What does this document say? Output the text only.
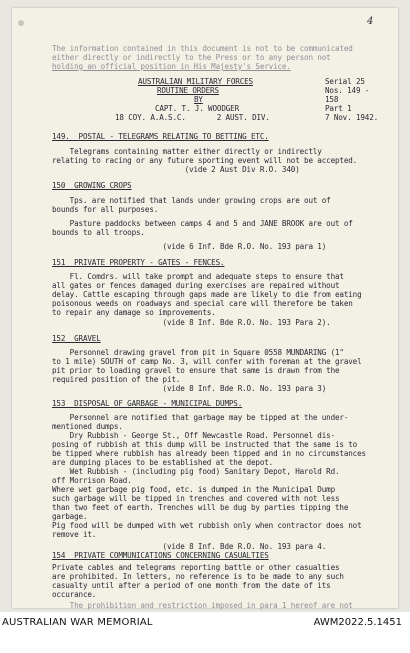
4
The information contained in this document is not to be communicated
either directly or indirectly to the Press or to any person not
holding an official position in His Majesty's Service.
AUSTRALIAN MILITARY FORCES
ROUTINE ORDERS
BY
CAPT. T. J. WOODGER
18 COY. A.A.S.C.       2 AUST. DIV.
Serial 25
Nos. 149 -
158
Part 1
7 Nov. 1942.
149.  POSTAL - TELEGRAMS RELATING TO BETTING ETC.
Telegrams containing matter either directly or indirectly
relating to racing or any future sporting event will not be accepted.
(vide 2 Aust Div R.O. 340)
150  GROWING CROPS
Tps. are notified that lands under growing crops are out of
bounds for all purposes.
Pasture paddocks between camps 4 and 5 and JANE BROOK are out of
bounds to all troops.
(vide 6 Inf. Bde R.O. No. 193 para 1)
151  PRIVATE PROPERTY - GATES - FENCES.
Fl. Comdrs. will take prompt and adequate steps to ensure that
all gates or fences damaged during exercises are repaired without
delay. Cattle escaping through gaps made are likely to die from eating
poisonous weeds on roadways and special care will therefore be taken
to repair any damage so improvements.
(vide 8 Inf. Bde R.O. No. 193 Para 2).
152  GRAVEL
Personnel drawing gravel from pit in Square 0558 MUNDARING (1"
to 1 mile) SOUTH of camp No. 3, will confer with foreman at the gravel
pit prior to loading gravel to ensure that same is drawn from the
required position of the pit.
(vide 8 Inf. Bde R.O. No. 193 para 3)
153  DISPOSAL OF GARBAGE - MUNICIPAL DUMPS.
Personnel are notified that garbage may be tipped at the under-
mentioned dumps.
Dry Rubbish - George St., Off Newcastle Road. Personnel dis-
posing of rubbish at this dump will be instructed that the same is to
be tipped where rubbish has already been tipped and in no circumstances
are dumping places to be established at the depot.
Wet Rubbish - (including pig food) Sanitary Depot, Harold Rd.
off Morrison Road.
Where wet garbage pig food, etc. is dumped in the Municipal Dump
such garbage will be tipped in trenches and covered with not less
than two feet of earth. Trenches will be dug by parties tipping the
garbage.
Pig food will be dumped with wet rubbish only when contractor does not
remove it.
(vide 8 Inf. Bde R.O. No. 193 para 4.
154  PRIVATE COMMUNICATIONS CONCERNING CASUALTIES
Private cables and telegrams reporting battle or other casualties
are prohibited. In letters, no reference is to be made to any such
casualty until after a period of one month from the date of its
occurance.
The prohibition and restriction imposed in para 1 hereof are not
AUSTRALIAN WAR MEMORIAL	AWM2022.5.1451
